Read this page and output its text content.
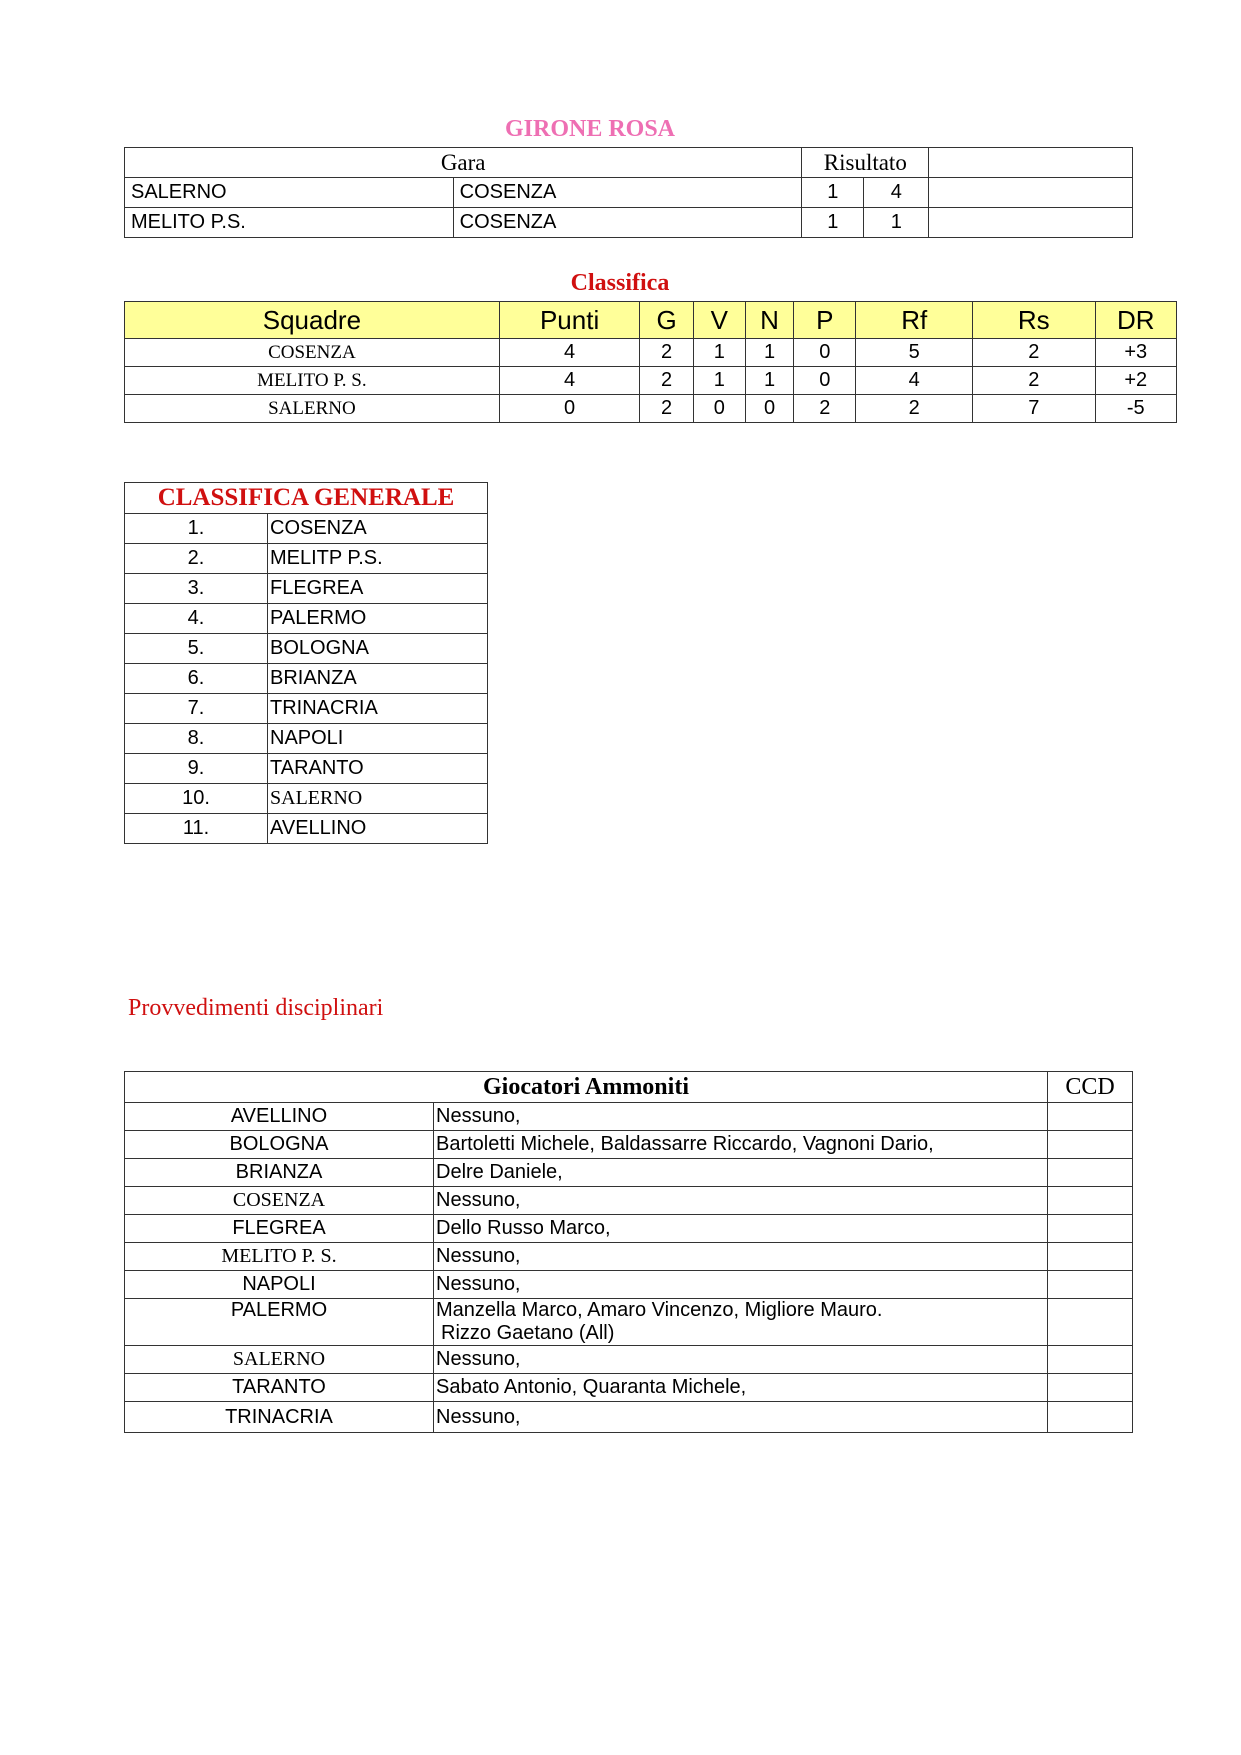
GIRONE ROSA
Gara		Risultato		
SALERNO	COSENZA	1	4	
MELITO P.S.	COSENZA	1	1	
Classifica
Squadre	Punti	G	V	N	P	Rf	Rs	DR
COSENZA	4	2	1	1	0	5	2	+3
MELITO P. S.	4	2	1	1	0	4	2	+2
SALERNO	0	2	0	0	2	2	7	-5
CLASSIFICA GENERALE	
1.	COSENZA
2.	MELITP P.S.
3.	FLEGREA
4.	PALERMO
5.	BOLOGNA
6.	BRIANZA
7.	TRINACRIA
8.	NAPOLI
9.	TARANTO
10.	SALERNO
11.	AVELLINO
Provvedimenti disciplinari
Giocatori Ammoniti		CCD
AVELLINO	Nessuno,	
BOLOGNA	Bartoletti Michele, Baldassarre Riccardo, Vagnoni Dario,	
BRIANZA	Delre Daniele,	
COSENZA	Nessuno,	
FLEGREA	Dello Russo Marco,	
MELITO P. S.	Nessuno,	
NAPOLI	Nessuno,	
PALERMO	Manzella Marco, Amaro Vincenzo, Migliore Mauro.
Rizzo Gaetano (All)	

SALERNO	Nessuno,	
TARANTO	Sabato Antonio, Quaranta Michele,	
TRINACRIA	Nessuno,	
